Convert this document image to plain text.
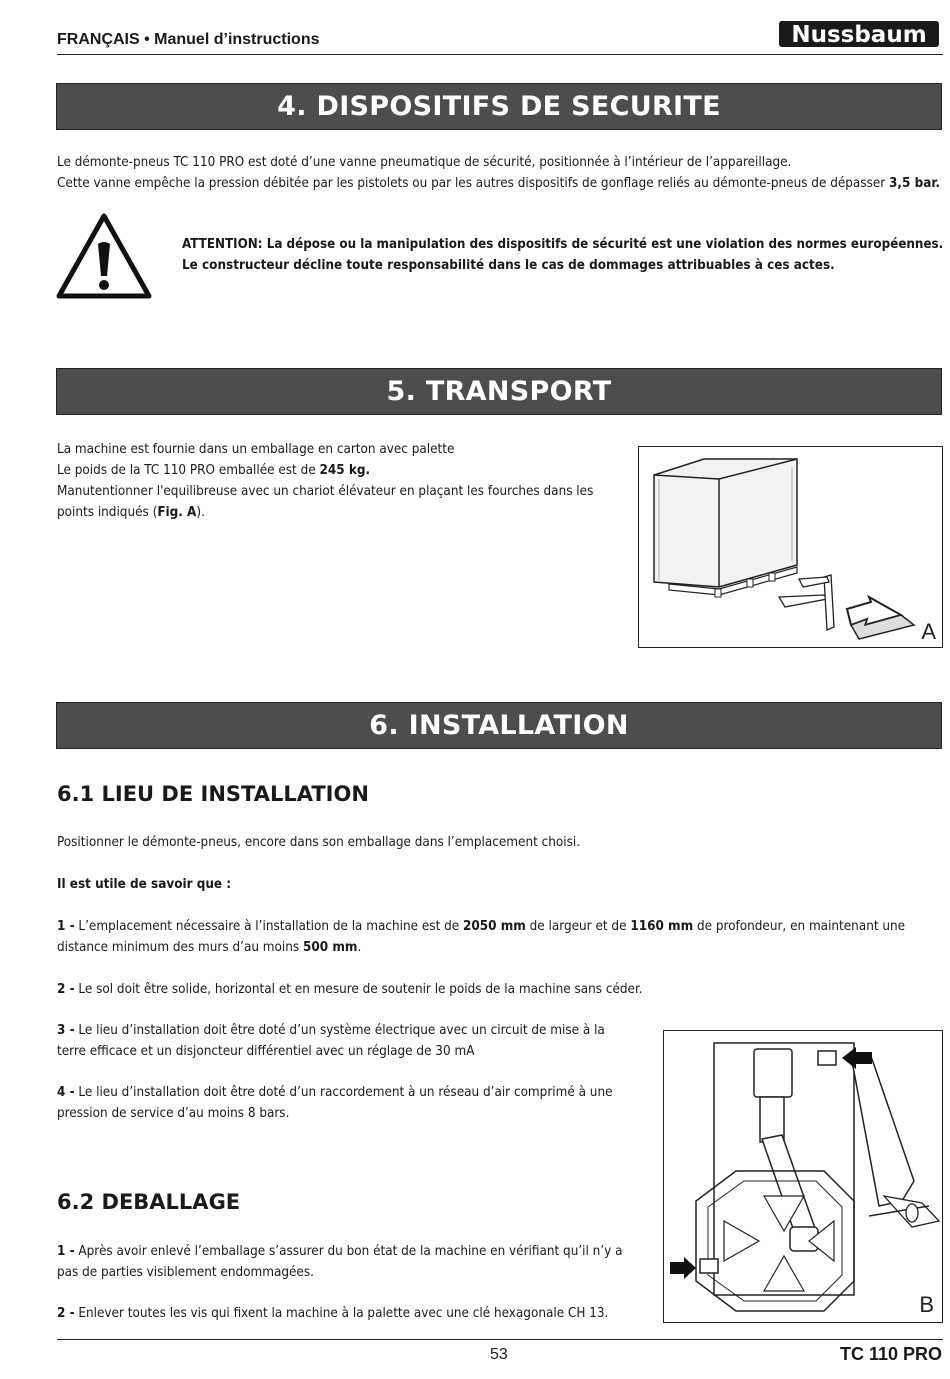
FRANÇAIS • Manuel d’instructions	Nussbaum
4. DISPOSITIFS DE SECURITE
Le démonte-pneus TC 110 PRO est doté d’une vanne pneumatique de sécurité, positionnée à l’intérieur de l’appareillage.
Cette vanne empêche la pression débitée par les pistolets ou par les autres dispositifs de gonflage reliés au démonte-pneus de dépasser 3,5 bar.
ATTENTION: La dépose ou la manipulation des dispositifs de sécurité est une violation des normes européennes.
Le constructeur décline toute responsabilité dans le cas de dommages attribuables à ces actes.
5. TRANSPORT
La machine est fournie dans un emballage en carton avec palette
Le poids de la TC 110 PRO emballée est de 245 kg.
Manutentionner l'equilibreuse avec un chariot élévateur en plaçant les fourches dans les
points indiqués (Fig. A).
A
6. INSTALLATION
6.1 LIEU DE INSTALLATION
Positionner le démonte-pneus, encore dans son emballage dans l’emplacement choisi.
Il est utile de savoir que :
1 - L’emplacement nécessaire à l’installation de la machine est de 2050 mm de largeur et de 1160 mm de profondeur, en maintenant une
distance minimum des murs d’au moins 500 mm.
2 - Le sol doit être solide, horizontal et en mesure de soutenir le poids de la machine sans céder.
3 - Le lieu d’installation doit être doté d’un système électrique avec un circuit de mise à la
terre efficace et un disjoncteur différentiel avec un réglage de 30 mA
4 - Le lieu d’installation doit être doté d’un raccordement à un réseau d’air comprimé à une
pression de service d’au moins 8 bars.
6.2 DEBALLAGE
1 - Après avoir enlevé l’emballage s’assurer du bon état de la machine en vérifiant qu’il n’y a
pas de parties visiblement endommagées.
2 - Enlever toutes les vis qui fixent la machine à la palette avec une clé hexagonale CH 13.	B
53	TC 110 PRO
